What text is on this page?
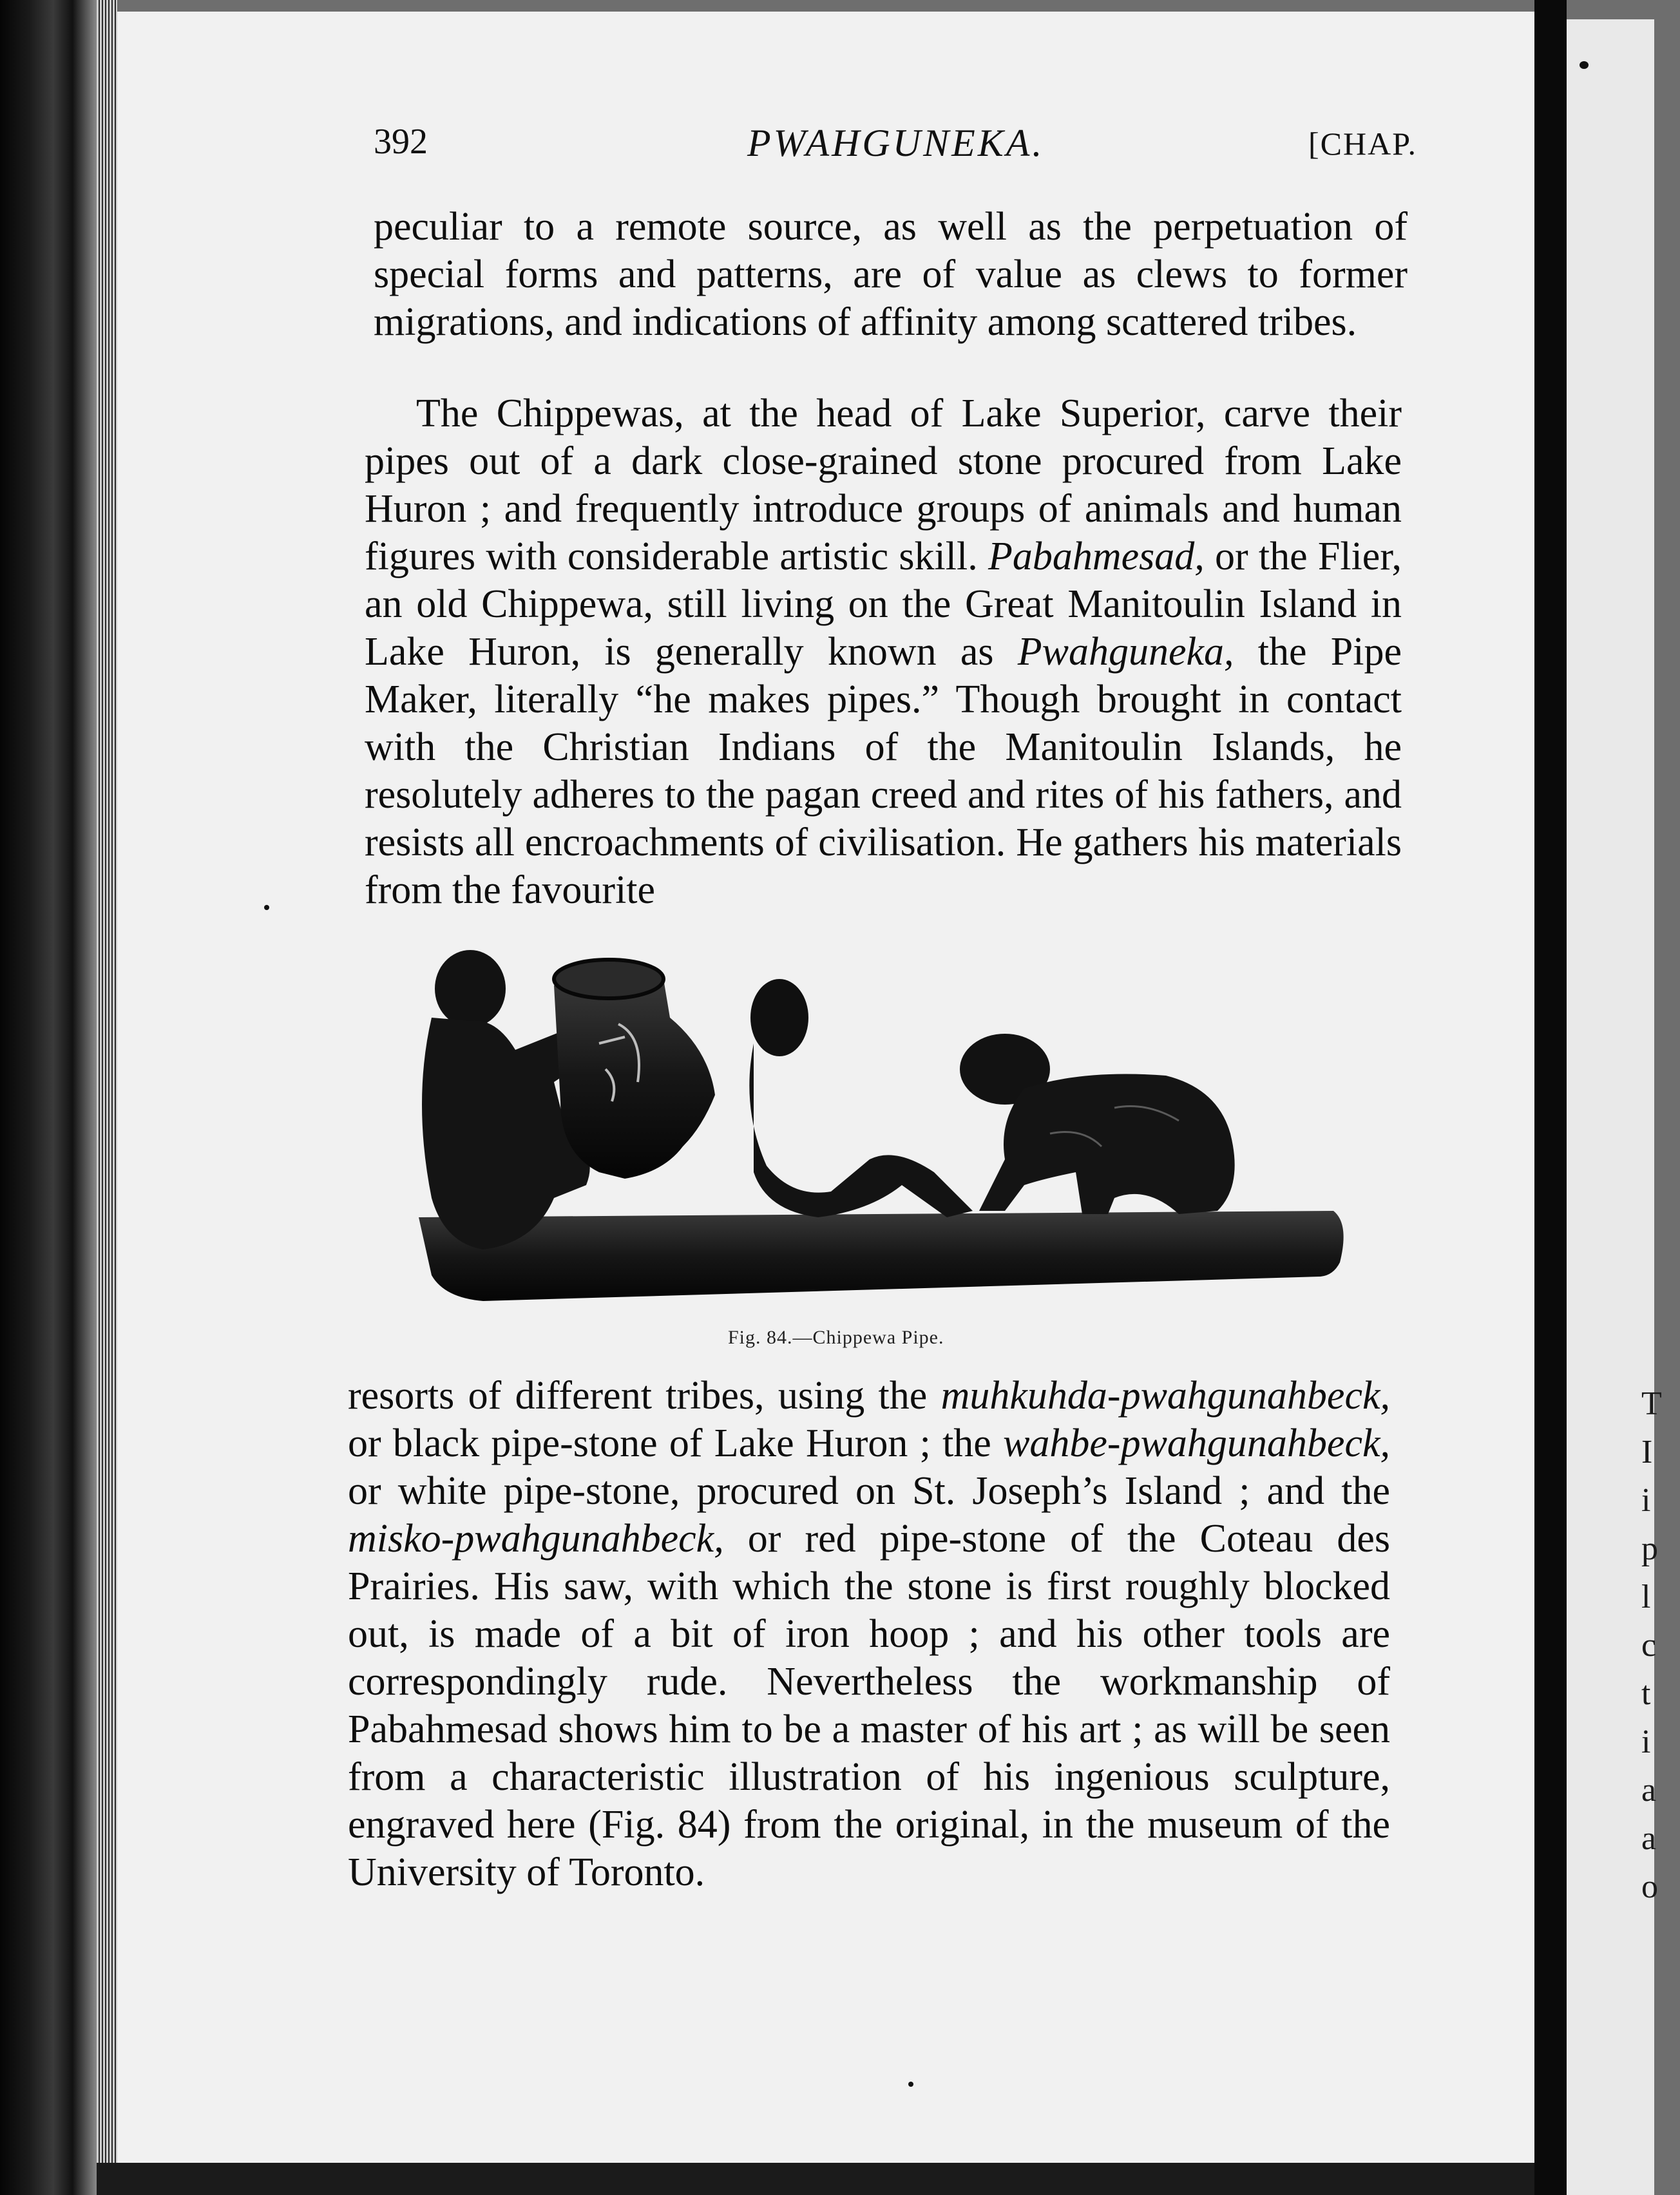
392	PWAHGUNEKA.	[CHAP.

peculiar to a remote source, as well as the perpetuation of special forms and patterns, are of value as clews to former migrations, and indications of affinity among scattered tribes.

The Chippewas, at the head of Lake Superior, carve their pipes out of a dark close-grained stone procured from Lake Huron ; and frequently introduce groups of animals and human figures with considerable artistic skill. Pabahmesad, or the Flier, an old Chippewa, still living on the Great Manitoulin Island in Lake Huron, is generally known as Pwahguneka, the Pipe Maker, literally “he makes pipes.” Though brought in contact with the Christian Indians of the Manitoulin Islands, he resolutely adheres to the pagan creed and rites of his fathers, and resists all encroachments of civilisation. He gathers his materials from the favourite

Fig. 84.—Chippewa Pipe.

resorts of different tribes, using the muhkuhda-pwahgunahbeck, or black pipe-stone of Lake Huron ; the wahbe-pwahgunahbeck, or white pipe-stone, procured on St. Joseph’s Island ; and the misko-pwahgunahbeck, or red pipe-stone of the Coteau des Prairies. His saw, with which the stone is first roughly blocked out, is made of a bit of iron hoop ; and his other tools are correspondingly rude. Nevertheless the workmanship of Pabahmesad shows him to be a master of his art ; as will be seen from a characteristic illustration of his ingenious sculpture, engraved here (Fig. 84) from the original, in the museum of the University of Toronto.

T
I
i
p
l
c
t
i
a
a
o
